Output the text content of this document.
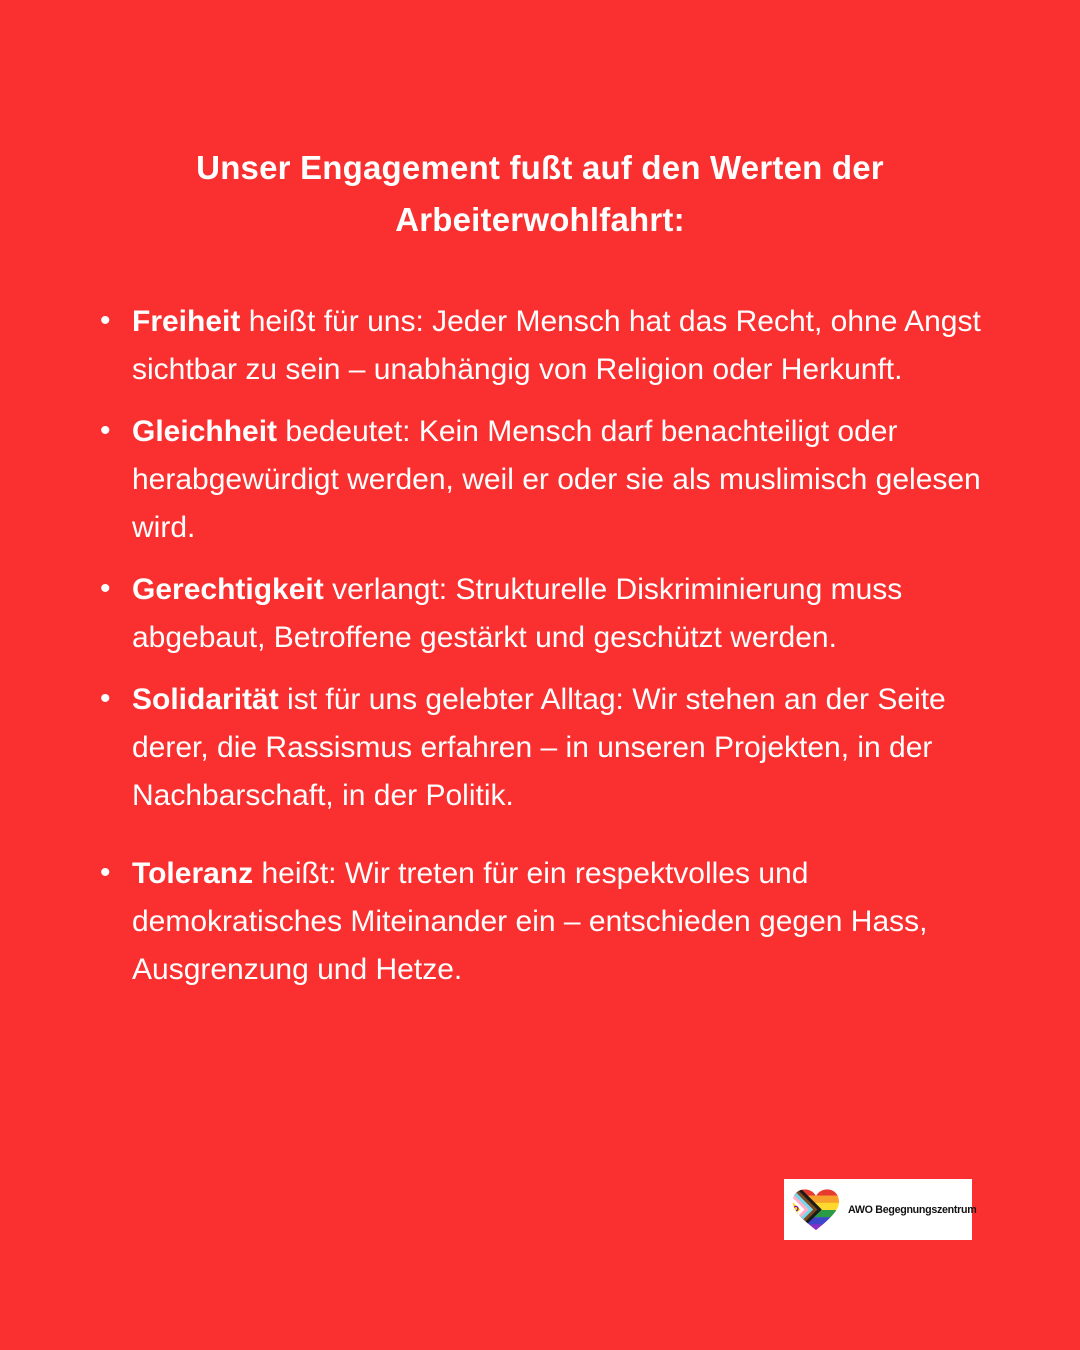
Unser Engagement fußt auf den Werten der Arbeiterwohlfahrt:
• Freiheit heißt für uns: Jeder Mensch hat das Recht, ohne Angst sichtbar zu sein – unabhängig von Religion oder Herkunft.
• Gleichheit bedeutet: Kein Mensch darf benachteiligt oder herabgewürdigt werden, weil er oder sie als muslimisch gelesen wird.
• Gerechtigkeit verlangt: Strukturelle Diskriminierung muss abgebaut, Betroffene gestärkt und geschützt werden.
• Solidarität ist für uns gelebter Alltag: Wir stehen an der Seite derer, die Rassismus erfahren – in unseren Projekten, in der Nachbarschaft, in der Politik.
• Toleranz heißt: Wir treten für ein respektvolles und demokratisches Miteinander ein – entschieden gegen Hass, Ausgrenzung und Hetze.
AWO Begegnungszentrum
